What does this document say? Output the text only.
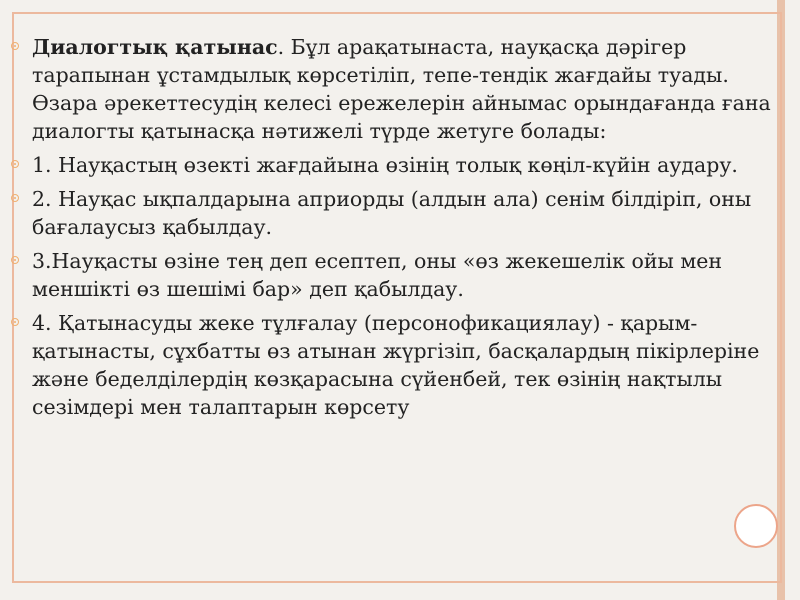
Диалогтық қатынас. Бұл арақатынаста, науқасқа дәрігер тарапынан ұстамдылық көрсетіліп, тепе-тендік жағдайы туады. Өзара әрекеттесудің келесі ережелерін айнымас орындағанда ғана диалогты қатынасқа нәтижелі түрде жетуге болады:
1. Науқастың өзекті жағдайына өзінің толық көңіл-күйін аудару.
2. Науқас ықпалдарына априорды (алдын ала) сенім білдіріп, оны бағалаусыз қабылдау.
3.Науқасты өзіне тең деп есептеп, оны «өз жекешелік ойы мен меншікті өз шешімі бар» деп қабылдау.
4. Қатынасуды жеке тұлғалау (персонофикациялау) - қарым-қатынасты, сұхбатты өз атынан жүргізіп, басқалардың пікірлеріне және беделділердің көзқарасына сүйенбей, тек өзінің нақтылы сезімдері мен талаптарын көрсету
